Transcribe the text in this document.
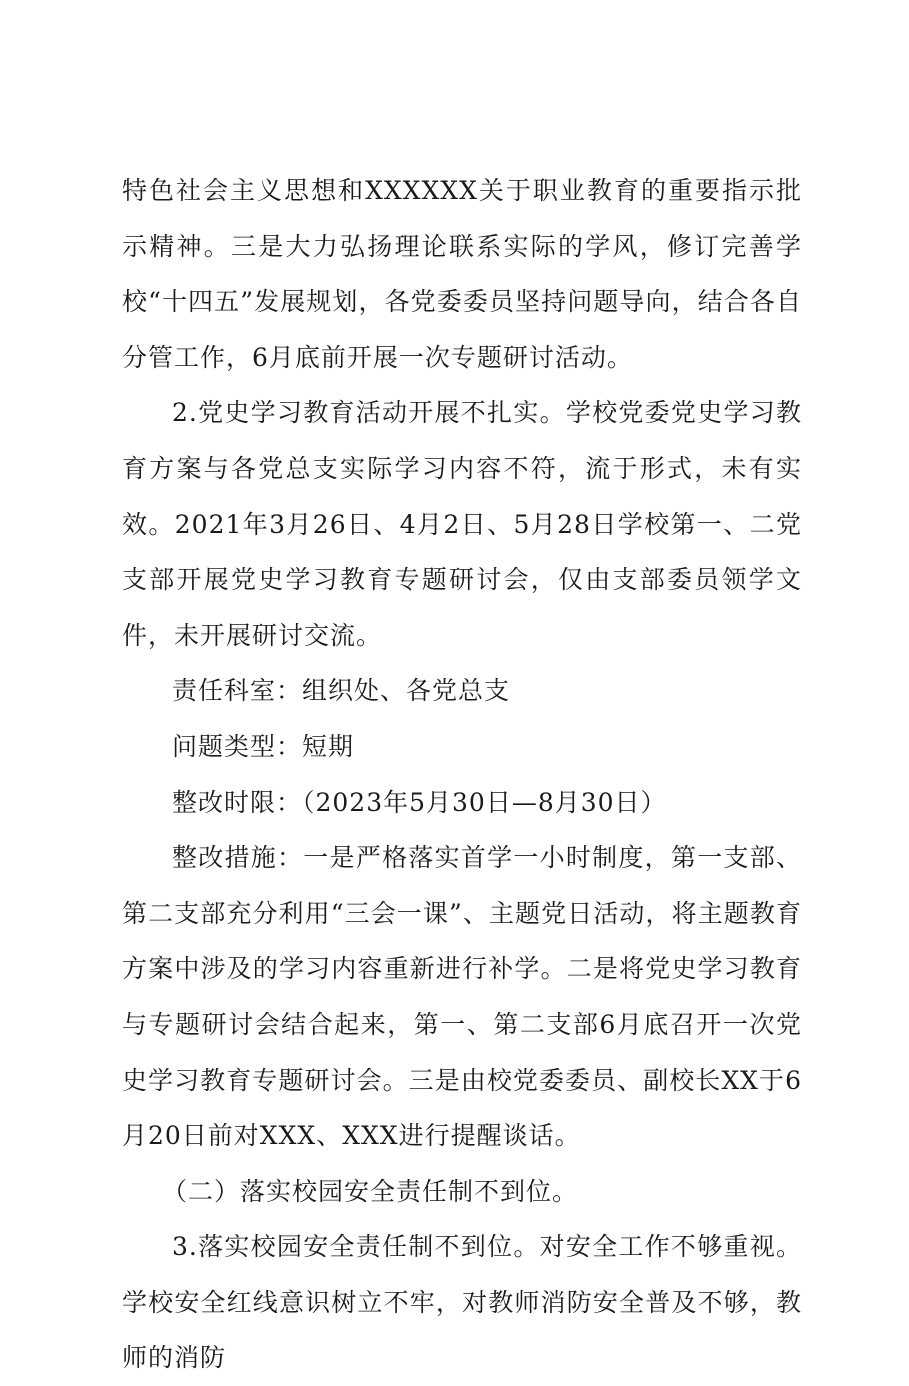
特色社会主义思想和XXXXXX关于职业教育的重要指示批示精神。三是大力弘扬理论联系实际的学风，修订完善学校“十四五”发展规划，各党委委员坚持问题导向，结合各自分管工作，6月底前开展一次专题研讨活动。

2.党史学习教育活动开展不扎实。学校党委党史学习教育方案与各党总支实际学习内容不符，流于形式，未有实效。2021年3月26日、4月2日、5月28日学校第一、二党支部开展党史学习教育专题研讨会，仅由支部委员领学文件，未开展研讨交流。

责任科室：组织处、各党总支

问题类型：短期

整改时限：（2023年5月30日—8月30日）

整改措施：一是严格落实首学一小时制度，第一支部、第二支部充分利用“三会一课”、主题党日活动，将主题教育方案中涉及的学习内容重新进行补学。二是将党史学习教育与专题研讨会结合起来，第一、第二支部6月底召开一次党史学习教育专题研讨会。三是由校党委委员、副校长XX于6月20日前对XXX、XXX进行提醒谈话。

（二）落实校园安全责任制不到位。

3.落实校园安全责任制不到位。对安全工作不够重视。学校安全红线意识树立不牢，对教师消防安全普及不够，教师的消防
